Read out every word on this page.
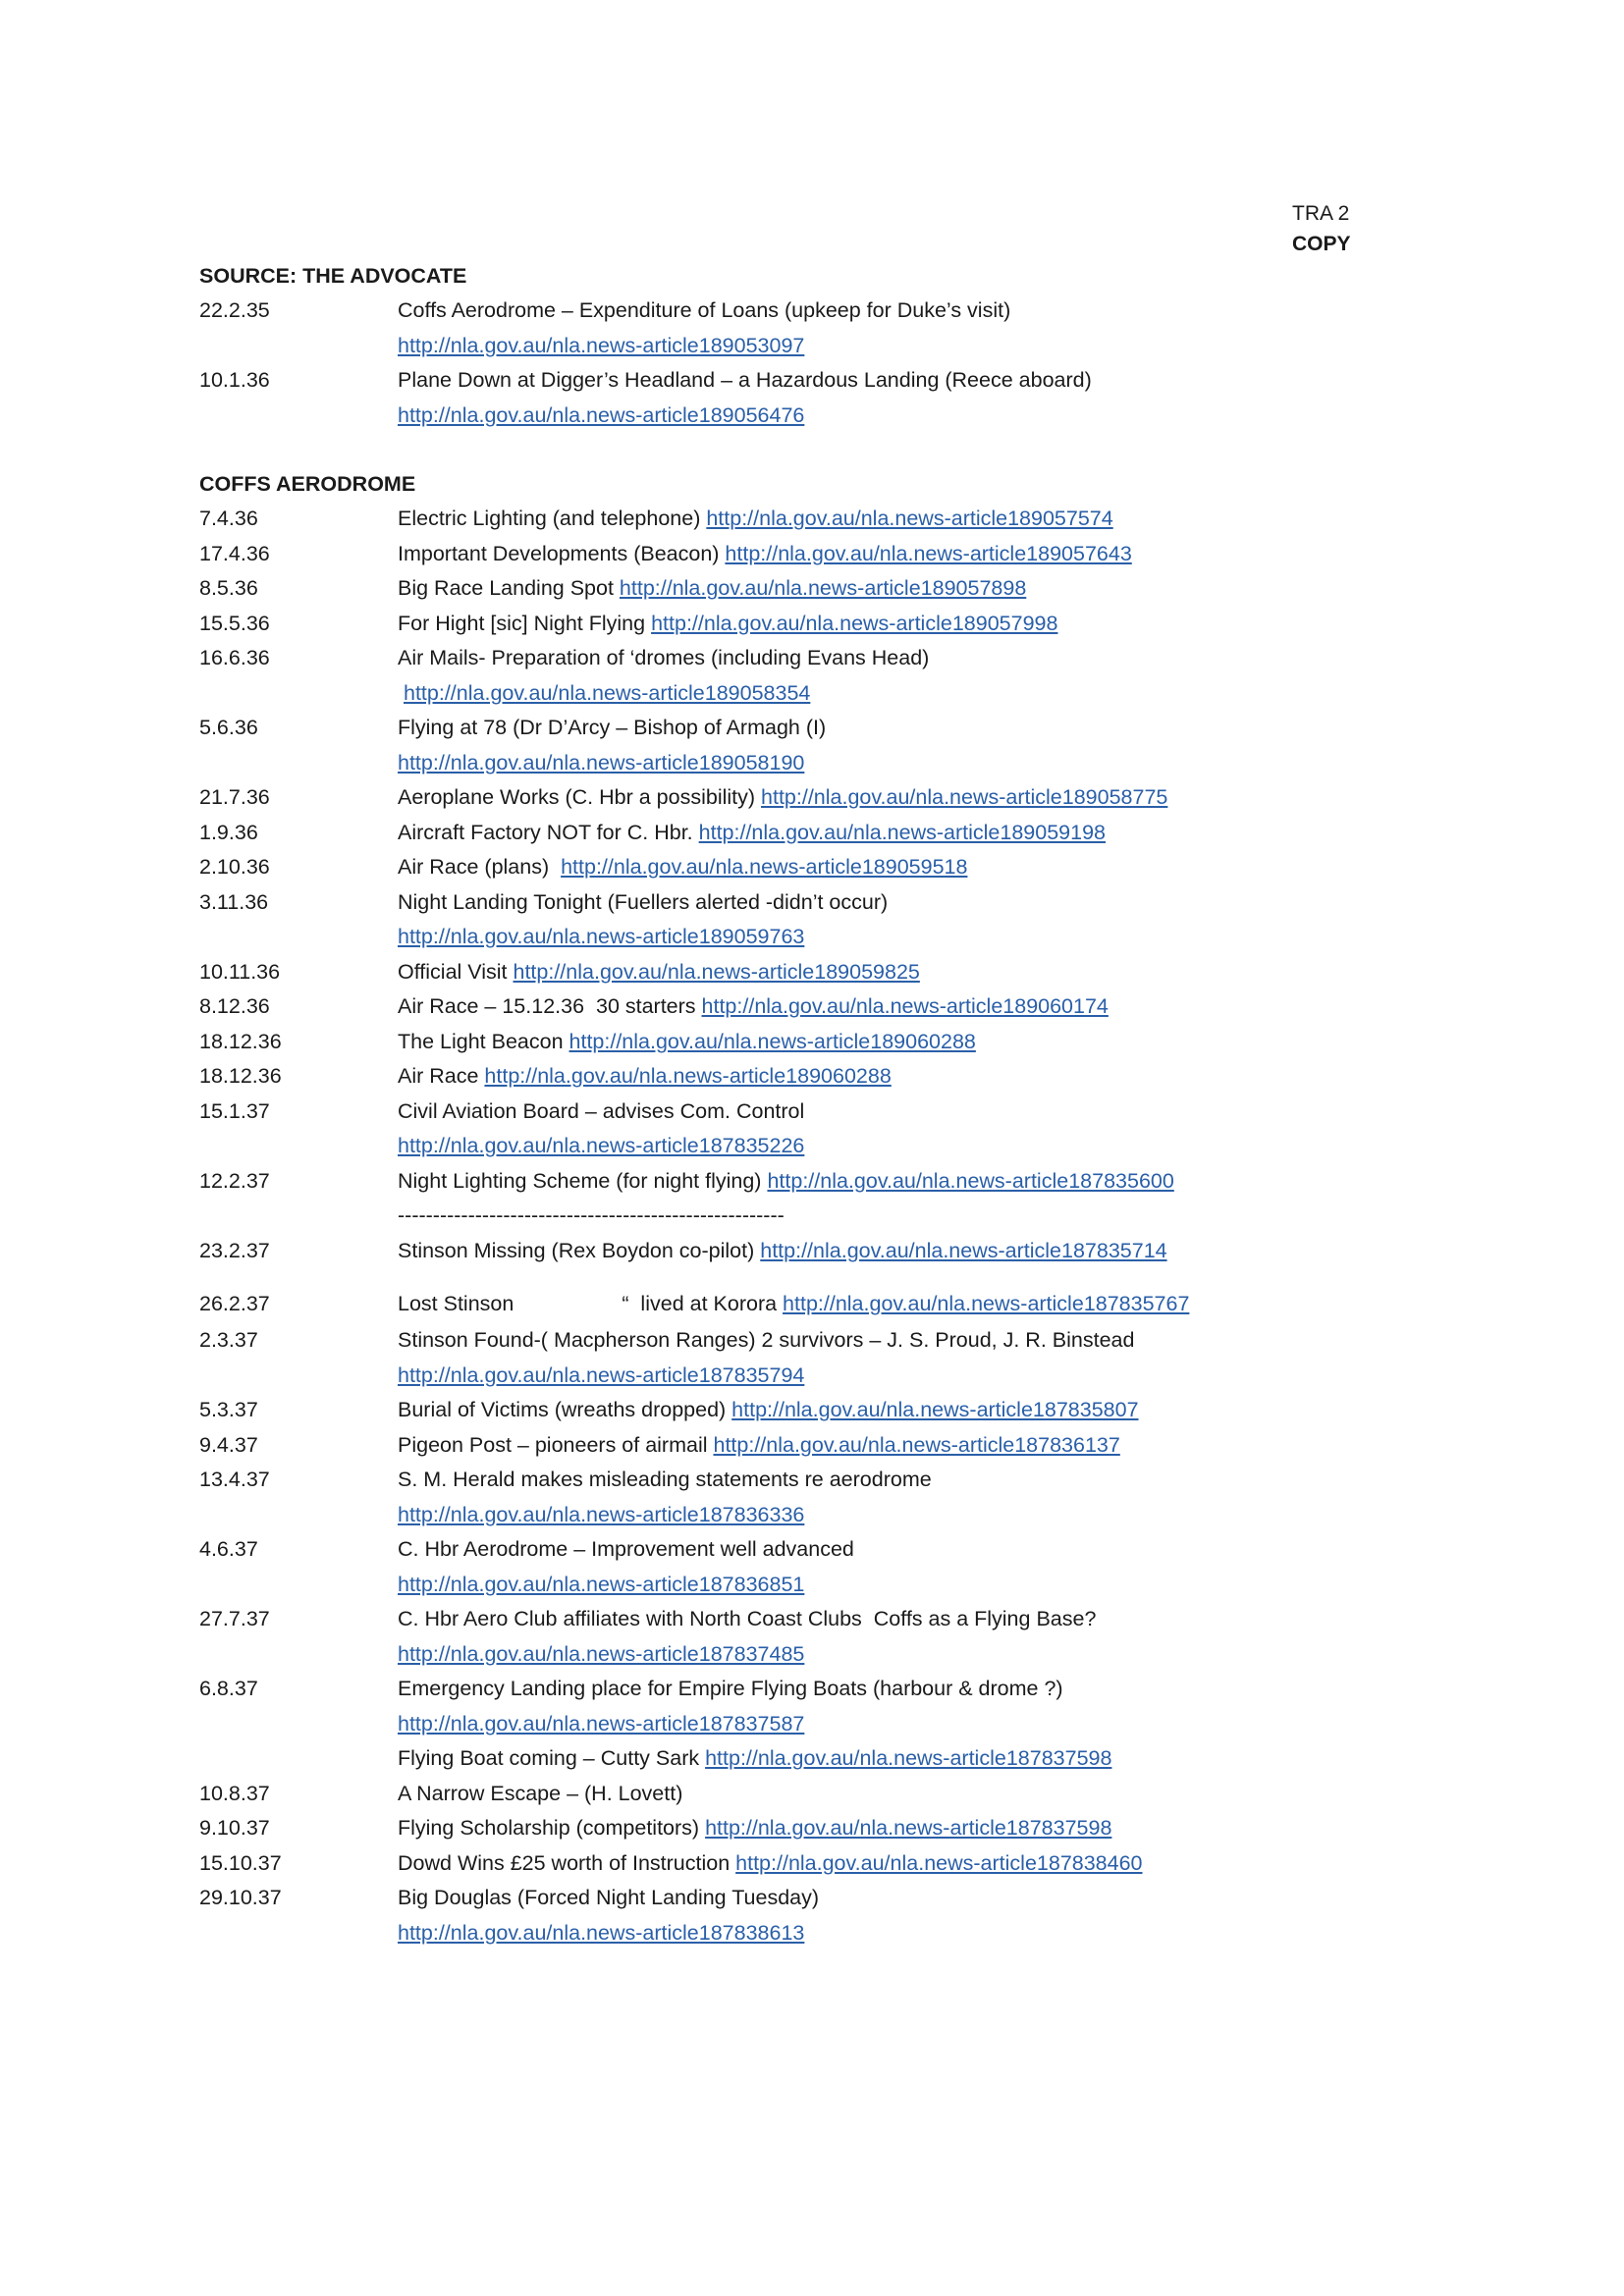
TRA 2
COPY
SOURCE: THE ADVOCATE
22.2.35	Coffs Aerodrome – Expenditure of Loans (upkeep for Duke’s visit)
http://nla.gov.au/nla.news-article189053097
10.1.36	Plane Down at Digger’s Headland – a Hazardous Landing (Reece aboard)
http://nla.gov.au/nla.news-article189056476
COFFS AERODROME
7.4.36	Electric Lighting (and telephone) http://nla.gov.au/nla.news-article189057574
17.4.36	Important Developments (Beacon) http://nla.gov.au/nla.news-article189057643
8.5.36	Big Race Landing Spot http://nla.gov.au/nla.news-article189057898
15.5.36	For Hight [sic] Night Flying http://nla.gov.au/nla.news-article189057998
16.6.36	Air Mails- Preparation of ‘dromes (including Evans Head)
http://nla.gov.au/nla.news-article189058354
5.6.36	Flying at 78 (Dr D’Arcy – Bishop of Armagh (I)
http://nla.gov.au/nla.news-article189058190
21.7.36	Aeroplane Works (C. Hbr a possibility) http://nla.gov.au/nla.news-article189058775
1.9.36	Aircraft Factory NOT for C. Hbr. http://nla.gov.au/nla.news-article189059198
2.10.36	Air Race (plans)  http://nla.gov.au/nla.news-article189059518
3.11.36	Night Landing Tonight (Fuellers alerted -didn’t occur)
http://nla.gov.au/nla.news-article189059763
10.11.36	Official Visit http://nla.gov.au/nla.news-article189059825
8.12.36	Air Race – 15.12.36  30 starters http://nla.gov.au/nla.news-article189060174
18.12.36	The Light Beacon http://nla.gov.au/nla.news-article189060288
18.12.36	Air Race http://nla.gov.au/nla.news-article189060288
15.1.37	Civil Aviation Board – advises Com. Control
http://nla.gov.au/nla.news-article187835226
12.2.37	Night Lighting Scheme (for night flying) http://nla.gov.au/nla.news-article187835600
-------------------------------------------------------
23.2.37	Stinson Missing (Rex Boydon co-pilot) http://nla.gov.au/nla.news-article187835714
26.2.37	Lost Stinson	“  lived at Korora http://nla.gov.au/nla.news-article187835767
2.3.37	Stinson Found-( Macpherson Ranges) 2 survivors – J. S. Proud, J. R. Binstead
http://nla.gov.au/nla.news-article187835794
5.3.37	Burial of Victims (wreaths dropped) http://nla.gov.au/nla.news-article187835807
9.4.37	Pigeon Post – pioneers of airmail http://nla.gov.au/nla.news-article187836137
13.4.37	S. M. Herald makes misleading statements re aerodrome
http://nla.gov.au/nla.news-article187836336
4.6.37	C. Hbr Aerodrome – Improvement well advanced
http://nla.gov.au/nla.news-article187836851
27.7.37	C. Hbr Aero Club affiliates with North Coast Clubs  Coffs as a Flying Base?
http://nla.gov.au/nla.news-article187837485
6.8.37	Emergency Landing place for Empire Flying Boats (harbour & drome ?)
http://nla.gov.au/nla.news-article187837587
Flying Boat coming – Cutty Sark http://nla.gov.au/nla.news-article187837598
10.8.37	A Narrow Escape – (H. Lovett)
9.10.37	Flying Scholarship (competitors) http://nla.gov.au/nla.news-article187837598
15.10.37	Dowd Wins £25 worth of Instruction http://nla.gov.au/nla.news-article187838460
29.10.37	Big Douglas (Forced Night Landing Tuesday)
http://nla.gov.au/nla.news-article187838613
